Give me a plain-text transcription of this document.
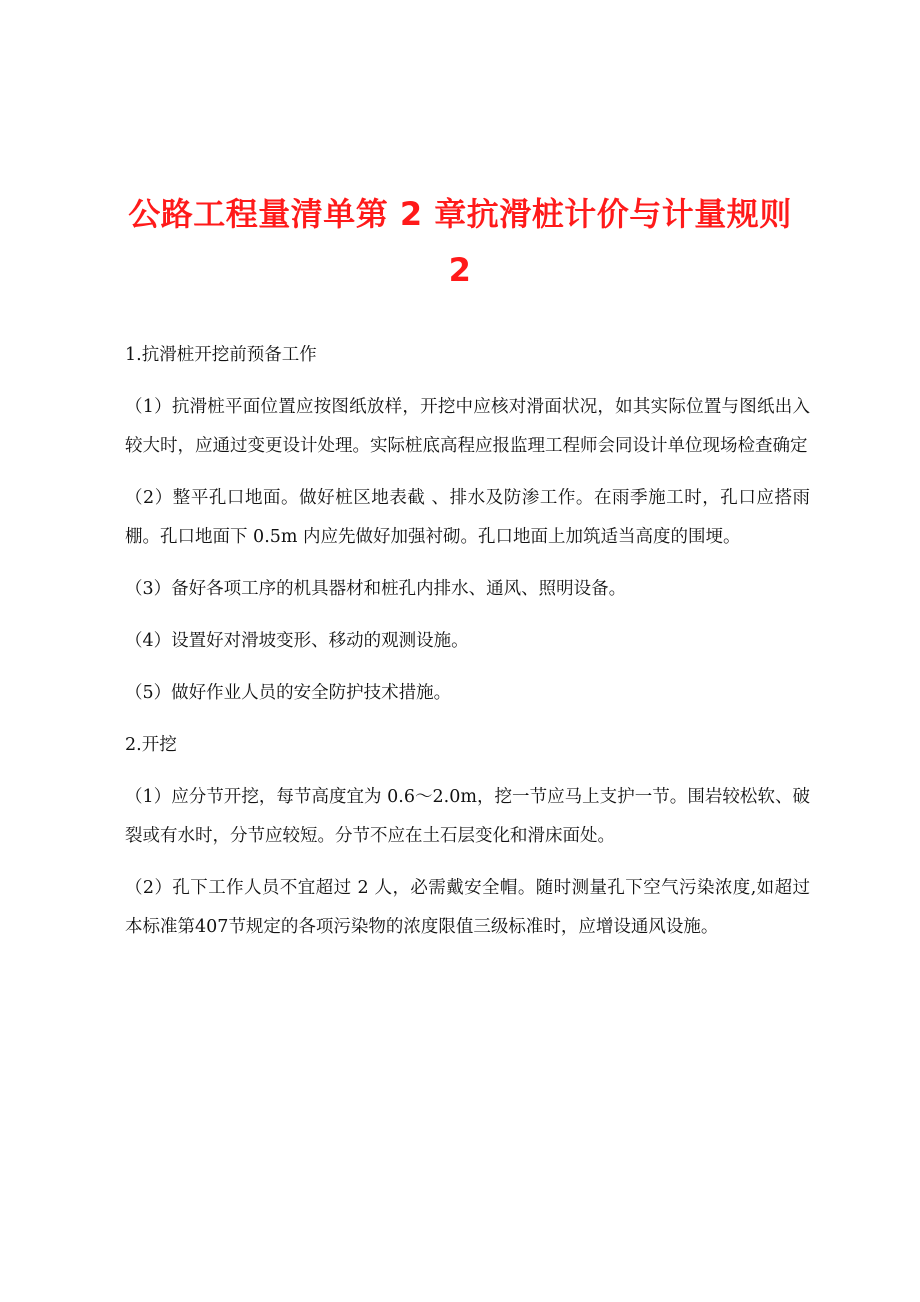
公路工程量清单第 2 章抗滑桩计价与计量规则
2
1.抗滑桩开挖前预备工作
（1）抗滑桩平面位置应按图纸放样，开挖中应核对滑面状况，如其实际位置与图纸出入较大时，应通过变更设计处理。实际桩底高程应报监理工程师会同设计单位现场检查确定
（2）整平孔口地面。做好桩区地表截 、排水及防渗工作。在雨季施工时，孔口应搭雨棚。孔口地面下 0.5m 内应先做好加强衬砌。孔口地面上加筑适当高度的围埂。
（3）备好各项工序的机具器材和桩孔内排水、通风、照明设备。
（4）设置好对滑坡变形、移动的观测设施。
（5）做好作业人员的安全防护技术措施。
2.开挖
（1）应分节开挖，每节高度宜为 0.6～2.0m，挖一节应马上支护一节。围岩较松软、破裂或有水时，分节应较短。分节不应在土石层变化和滑床面处。
（2）孔下工作人员不宜超过 2 人，必需戴安全帽。随时测量孔下空气污染浓度,如超过本标准第407节规定的各项污染物的浓度限值三级标准时，应增设通风设施。
